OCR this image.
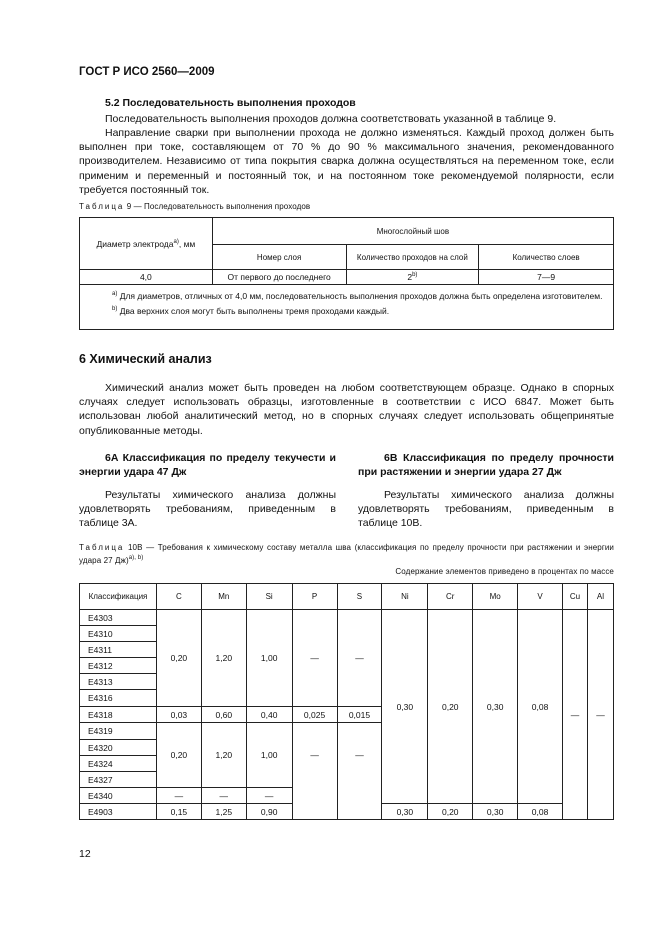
ГОСТ Р ИСО 2560—2009
5.2 Последовательность выполнения проходов
Последовательность выполнения проходов должна соответствовать указанной в таблице 9.
Направление сварки при выполнении прохода не должно изменяться. Каждый проход должен быть выполнен при токе, составляющем от 70 % до 90 % максимального значения, рекомендованного производителем. Независимо от типа покрытия сварка должна осуществляться на переменном токе, если применим и переменный и постоянный ток, и на постоянном токе рекомендуемой полярности, если требуется постоянный ток.
Таблица 9 — Последовательность выполнения проходов
Диаметр электрода$^{a)}$, мм	Многослойный шов		
	Номер слоя	Количество проходов на слой	Количество слоев
4,0	От первого до последнего	2$^{b)}$	7—9

$^{a)}$ Для диаметров, отличных от 4,0 мм, последовательность выполнения проходов должна быть определена изготовителем.
$^{b)}$ Два верхних слоя могут быть выполнены тремя проходами каждый.			
6 Химический анализ
Химический анализ может быть проведен на любом соответствующем образце. Однако в спорных случаях следует использовать образцы, изготовленные в соответствии с ИСО 6847. Может быть использован любой аналитический метод, но в спорных случаях следует использовать общепринятые опубликованные методы.
6А Классификация по пределу текучести и энергии удара 47 Дж
Результаты химического анализа должны удовлетворять требованиям, приведенным в таблице 3А.
6В Классификация по пределу прочности при растяжении и энергии удара 27 Дж
Результаты химического анализа должны удовлетворять требованиям, приведенным в таблице 10В.
Таблица 10В — Требования к химическому составу металла шва (классификация по пределу прочности при растяжении и энергии удара 27 Дж)$^{a), b)}$
Содержание элементов приведено в процентах по массе
Классификация	C	Mn	Si	P	S	Ni	Cr	Mo	V	Cu	Al
E4303	0,20	1,20	1,00	—	—	0,30	0,20	0,30	0,08	—	—
E4310											
E4311											
E4312											
E4313											
E4316											
E4318	0,03	0,60	0,40	0,025	0,015						
E4319	0,20	1,20	1,00	—	—						
E4320											
E4324											
E4327											
E4340	—	—	—								
E4903	0,15	1,25	0,90			0,30	0,20	0,30	0,08		
12
